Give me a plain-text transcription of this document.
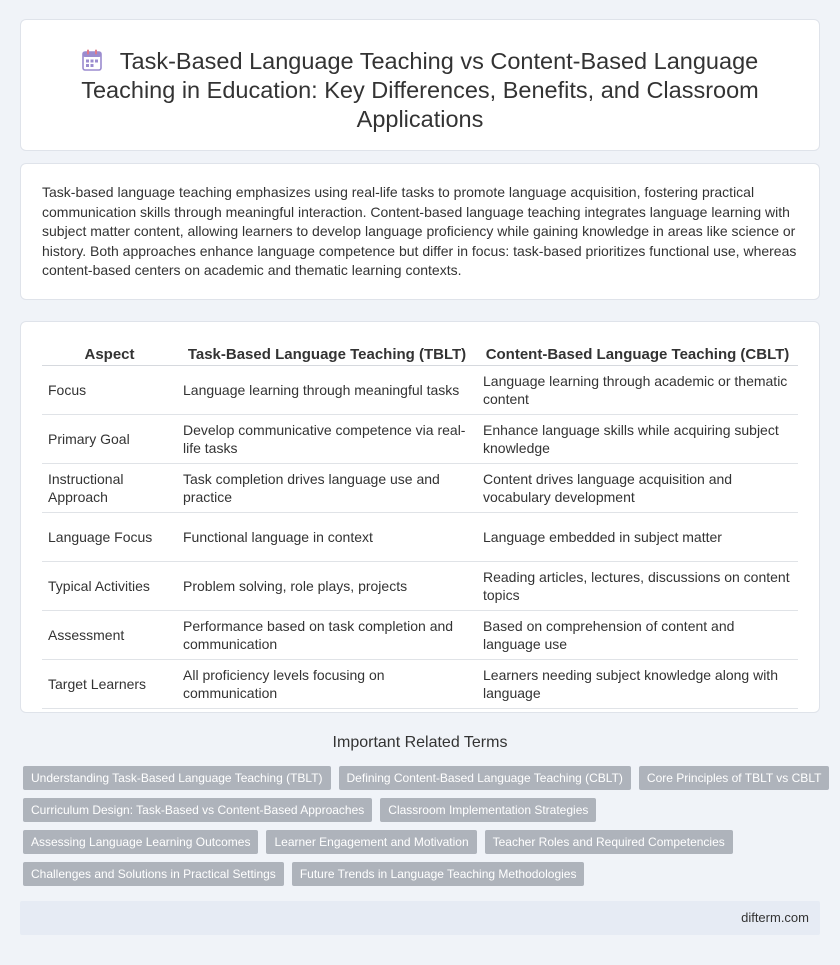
Task-Based Language Teaching vs Content-Based Language Teaching in Education: Key Differences, Benefits, and Classroom Applications

Task-based language teaching emphasizes using real-life tasks to promote language acquisition, fostering practical communication skills through meaningful interaction. Content-based language teaching integrates language learning with subject matter content, allowing learners to develop language proficiency while gaining knowledge in areas like science or history. Both approaches enhance language competence but differ in focus: task-based prioritizes functional use, whereas content-based centers on academic and thematic learning contexts.

Aspect	Task-Based Language Teaching (TBLT)	Content-Based Language Teaching (CBLT)
Focus	Language learning through meaningful tasks	Language learning through academic or thematic content
Primary Goal	Develop communicative competence via real-life tasks	Enhance language skills while acquiring subject knowledge
Instructional Approach	Task completion drives language use and practice	Content drives language acquisition and vocabulary development
Language Focus	Functional language in context	Language embedded in subject matter
Typical Activities	Problem solving, role plays, projects	Reading articles, lectures, discussions on content topics
Assessment	Performance based on task completion and communication	Based on comprehension of content and language use
Target Learners	All proficiency levels focusing on communication	Learners needing subject knowledge along with language
Important Related Terms
Understanding Task-Based Language Teaching (TBLT)	Defining Content-Based Language Teaching (CBLT)	Core Principles of TBLT vs CBLT
Curriculum Design: Task-Based vs Content-Based Approaches	Classroom Implementation Strategies
Assessing Language Learning Outcomes	Learner Engagement and Motivation	Teacher Roles and Required Competencies
Challenges and Solutions in Practical Settings	Future Trends in Language Teaching Methodologies
difterm.com
